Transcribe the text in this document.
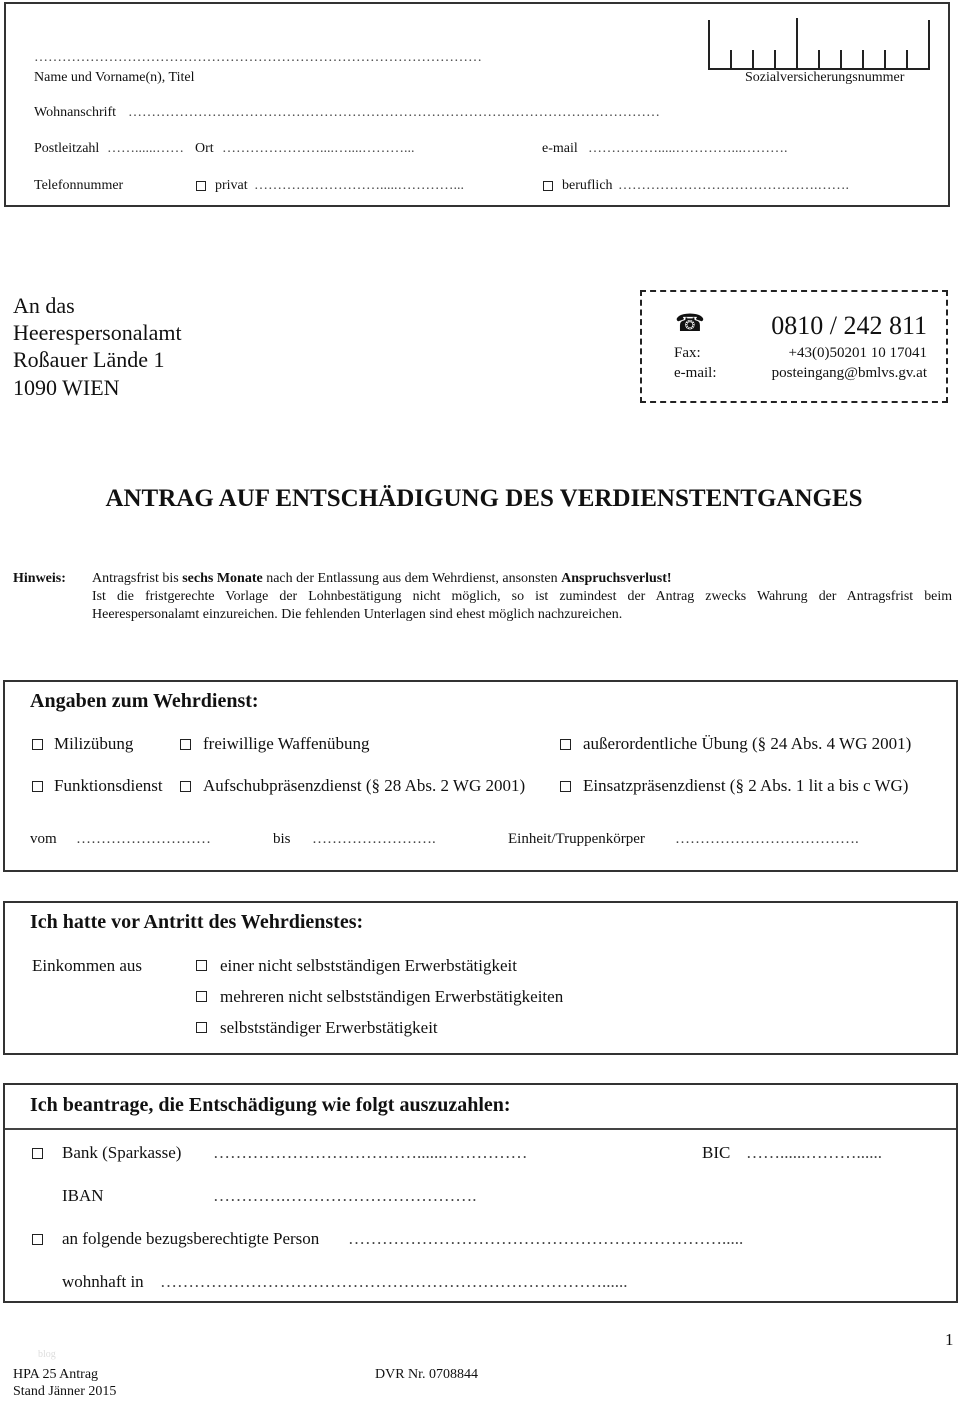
……………………………………………………………………………………
Name und Vorname(n), Titel	Sozialversicherungsnummer
Wohnanschrift ……………………………………………………………………………………………………
Postleitzahl ……......…… Ort …………………....…....………...	e-mail …………….....…………...……….
Telefonnummer	privat ……………………….....…………...	beruflich …………………………………….…….
An das
Heerespersonalamt
Roßauer Lände 1
1090 WIEN
☎	0810 / 242 811
Fax:	+43(0)50201 10 17041
e-mail:	posteingang@bmlvs.gv.at
ANTRAG AUF ENTSCHÄDIGUNG DES VERDIENSTENTGANGES
Hinweis: Antragsfrist bis sechs Monate nach der Entlassung aus dem Wehrdienst, ansonsten Anspruchsverlust!
Ist die fristgerechte Vorlage der Lohnbestätigung nicht möglich, so ist zumindest der Antrag zwecks Wahrung der Antragsfrist beim
Heerespersonalamt einzureichen. Die fehlenden Unterlagen sind ehest möglich nachzureichen.
Angaben zum Wehrdienst:
Milizübung	freiwillige Waffenübung	außerordentliche Übung (§ 24 Abs. 4 WG 2001)
Funktionsdienst Aufschubpräsenzdienst (§ 28 Abs. 2 WG 2001)	Einsatzpräsenzdienst (§ 2 Abs. 1 lit a bis c WG)
vom ………………………	bis …………………….	Einheit/Truppenkörper ……………………………….
Ich hatte vor Antritt des Wehrdienstes:
Einkommen aus	einer nicht selbstständigen Erwerbstätigkeit
mehreren nicht selbstständigen Erwerbstätigkeiten
selbstständiger Erwerbstätigkeit
Ich beantrage, die Entschädigung wie folgt auszuzahlen:
Bank (Sparkasse) ………………………………......……………	BIC ……......………......
IBAN	………….…………………………….
an folgende bezugsberechtigte Person ………………………………………………………….....
wohnhaft in ……………………………………………………………………......
1
blog
HPA 25 Antrag
Stand Jänner 2015
DVR Nr. 0708844
